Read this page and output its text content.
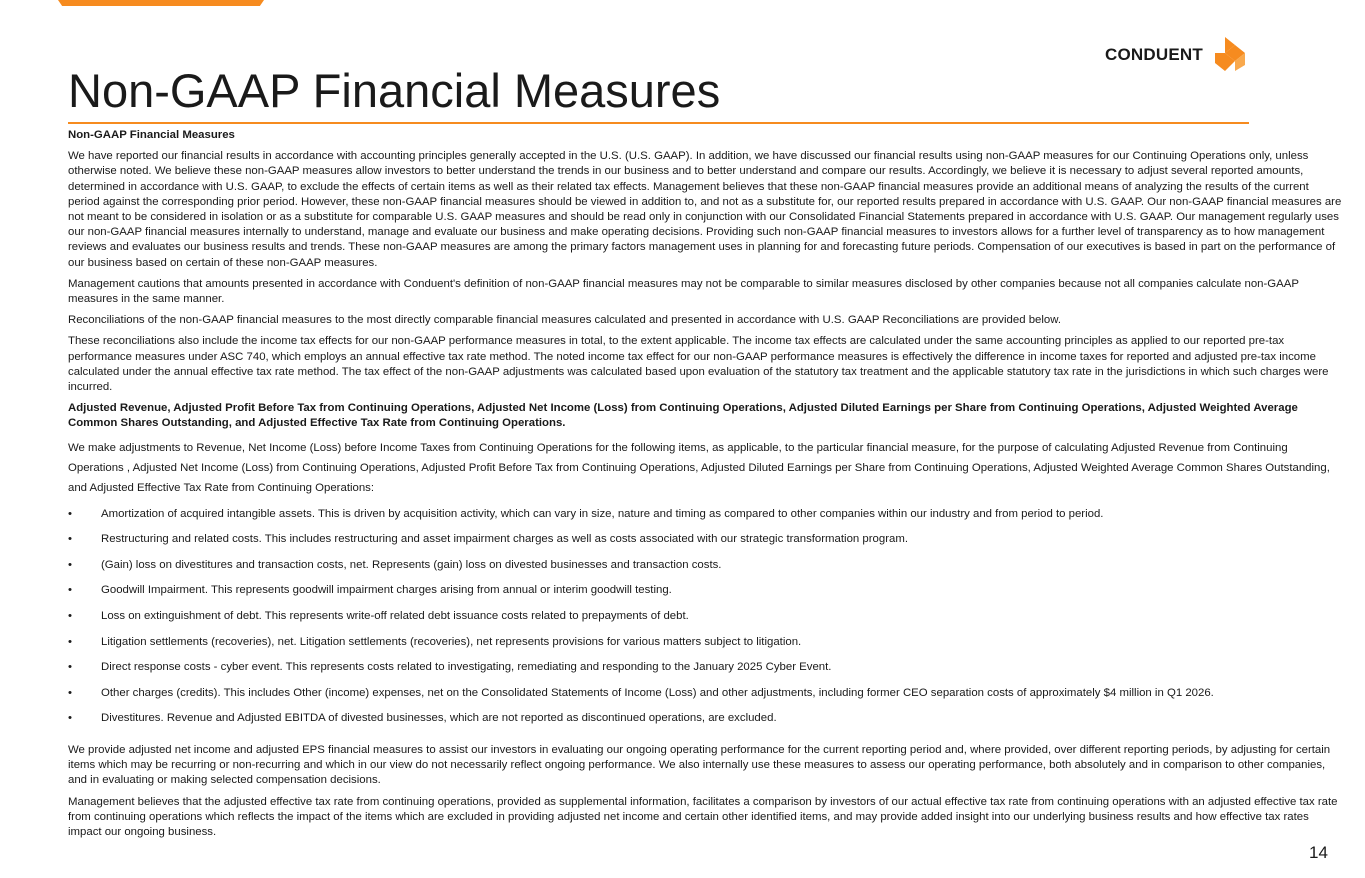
CONDUENT
Non-GAAP Financial Measures

Non-GAAP Financial Measures

We have reported our financial results in accordance with accounting principles generally accepted in the U.S. (U.S. GAAP). In addition, we have discussed our financial results using non-GAAP measures for our Continuing Operations only, unless otherwise noted. We believe these non-GAAP measures allow investors to better understand the trends in our business and to better understand and compare our results. Accordingly, we believe it is necessary to adjust several reported amounts, determined in accordance with U.S. GAAP, to exclude the effects of certain items as well as their related tax effects. Management believes that these non-GAAP financial measures provide an additional means of analyzing the results of the current period against the corresponding prior period. However, these non-GAAP financial measures should be viewed in addition to, and not as a substitute for, our reported results prepared in accordance with U.S. GAAP. Our non-GAAP financial measures are not meant to be considered in isolation or as a substitute for comparable U.S. GAAP measures and should be read only in conjunction with our Consolidated Financial Statements prepared in accordance with U.S. GAAP. Our management regularly uses our non-GAAP financial measures internally to understand, manage and evaluate our business and make operating decisions. Providing such non-GAAP financial measures to investors allows for a further level of transparency as to how management reviews and evaluates our business results and trends. These non-GAAP measures are among the primary factors management uses in planning for and forecasting future periods. Compensation of our executives is based in part on the performance of our business based on certain of these non-GAAP measures.

Management cautions that amounts presented in accordance with Conduent's definition of non-GAAP financial measures may not be comparable to similar measures disclosed by other companies because not all companies calculate non-GAAP measures in the same manner.

Reconciliations of the non-GAAP financial measures to the most directly comparable financial measures calculated and presented in accordance with U.S. GAAP Reconciliations are provided below.

These reconciliations also include the income tax effects for our non-GAAP performance measures in total, to the extent applicable. The income tax effects are calculated under the same accounting principles as applied to our reported pre-tax performance measures under ASC 740, which employs an annual effective tax rate method. The noted income tax effect for our non-GAAP performance measures is effectively the difference in income taxes for reported and adjusted pre-tax income calculated under the annual effective tax rate method. The tax effect of the non-GAAP adjustments was calculated based upon evaluation of the statutory tax treatment and the applicable statutory tax rate in the jurisdictions in which such charges were incurred.

Adjusted Revenue, Adjusted Profit Before Tax from Continuing Operations, Adjusted Net Income (Loss) from Continuing Operations, Adjusted Diluted Earnings per Share from Continuing Operations, Adjusted Weighted Average Common Shares Outstanding, and Adjusted Effective Tax Rate from Continuing Operations.

We make adjustments to Revenue, Net Income (Loss) before Income Taxes from Continuing Operations for the following items, as applicable, to the particular financial measure, for the purpose of calculating Adjusted Revenue from Continuing Operations , Adjusted Net Income (Loss) from Continuing Operations, Adjusted Profit Before Tax from Continuing Operations, Adjusted Diluted Earnings per Share from Continuing Operations, Adjusted Weighted Average Common Shares Outstanding, and Adjusted Effective Tax Rate from Continuing Operations:

•	Amortization of acquired intangible assets. This is driven by acquisition activity, which can vary in size, nature and timing as compared to other companies within our industry and from period to period.
•	Restructuring and related costs. This includes restructuring and asset impairment charges as well as costs associated with our strategic transformation program.
•	(Gain) loss on divestitures and transaction costs, net. Represents (gain) loss on divested businesses and transaction costs.
•	Goodwill Impairment. This represents goodwill impairment charges arising from annual or interim goodwill testing.
•	Loss on extinguishment of debt. This represents write-off related debt issuance costs related to prepayments of debt.
•	Litigation settlements (recoveries), net. Litigation settlements (recoveries), net represents provisions for various matters subject to litigation.
•	Direct response costs - cyber event. This represents costs related to investigating, remediating and responding to the January 2025 Cyber Event.
•	Other charges (credits). This includes Other (income) expenses, net on the Consolidated Statements of Income (Loss) and other adjustments, including former CEO separation costs of approximately $4 million in Q1 2026.
•	Divestitures. Revenue and Adjusted EBITDA of divested businesses, which are not reported as discontinued operations, are excluded.

We provide adjusted net income and adjusted EPS financial measures to assist our investors in evaluating our ongoing operating performance for the current reporting period and, where provided, over different reporting periods, by adjusting for certain items which may be recurring or non-recurring and which in our view do not necessarily reflect ongoing performance. We also internally use these measures to assess our operating performance, both absolutely and in comparison to other companies, and in evaluating or making selected compensation decisions.

Management believes that the adjusted effective tax rate from continuing operations, provided as supplemental information, facilitates a comparison by investors of our actual effective tax rate from continuing operations with an adjusted effective tax rate from continuing operations which reflects the impact of the items which are excluded in providing adjusted net income and certain other identified items, and may provide added insight into our underlying business results and how effective tax rates impact our ongoing business.

14
